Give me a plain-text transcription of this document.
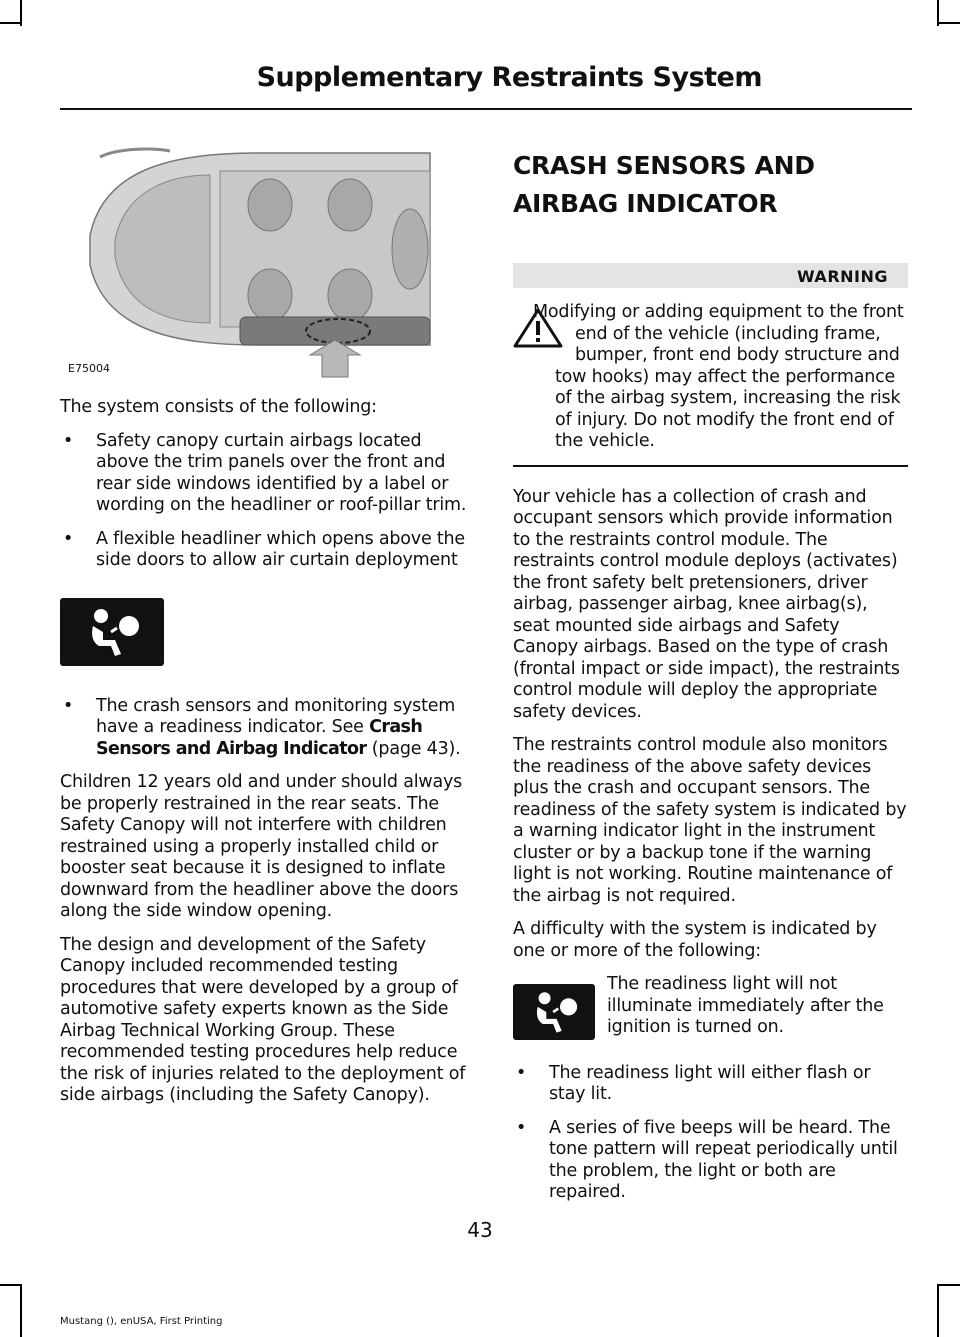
Supplementary Restraints System
E75004

The system consists of the following:

• Safety canopy curtain airbags located above the trim panels over the front and rear side windows identified by a label or wording on the headliner or roof-pillar trim.
• A flexible headliner which opens above the side doors to allow air curtain deployment
• The crash sensors and monitoring system have a readiness indicator. See Crash Sensors and Airbag Indicator (page 43).

Children 12 years old and under should always be properly restrained in the rear seats. The Safety Canopy will not interfere with children restrained using a properly installed child or booster seat because it is designed to inflate downward from the headliner above the doors along the side window opening.

The design and development of the Safety Canopy included recommended testing procedures that were developed by a group of automotive safety experts known as the Side Airbag Technical Working Group. These recommended testing procedures help reduce the risk of injuries related to the deployment of side airbags (including the Safety Canopy).

CRASH SENSORS AND
AIRBAG INDICATOR
WARNING

Modifying or adding equipment to the front end of the vehicle (including frame, bumper, front end body structure and tow hooks) may affect the performance of the airbag system, increasing the risk of injury. Do not modify the front end of the vehicle.

Your vehicle has a collection of crash and occupant sensors which provide information to the restraints control module. The restraints control module deploys (activates) the front safety belt pretensioners, driver airbag, passenger airbag, knee airbag(s), seat mounted side airbags and Safety Canopy airbags. Based on the type of crash (frontal impact or side impact), the restraints control module will deploy the appropriate safety devices.

The restraints control module also monitors the readiness of the above safety devices plus the crash and occupant sensors. The readiness of the safety system is indicated by a warning indicator light in the instrument cluster or by a backup tone if the warning light is not working. Routine maintenance of the airbag is not required.

A difficulty with the system is indicated by one or more of the following:

The readiness light will not illuminate immediately after the ignition is turned on.

• The readiness light will either flash or stay lit.
• A series of five beeps will be heard. The tone pattern will repeat periodically until the problem, the light or both are repaired.
43
Mustang (), enUSA, First Printing
